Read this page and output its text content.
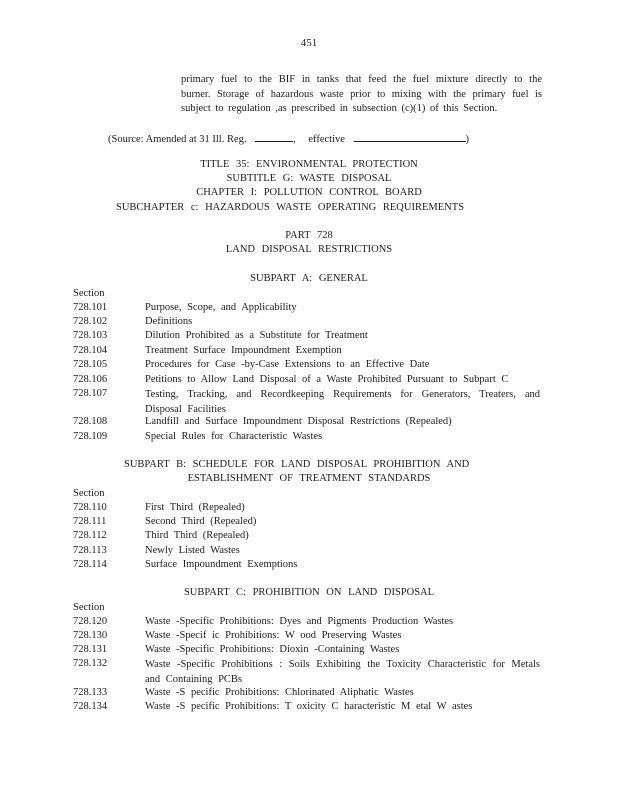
451
primary fuel to the BIF in tanks that feed the fuel mixture directly to the burner. Storage of hazardous waste prior to mixing with the primary fuel is subject to regulation ,as prescribed in subsection (c)(1) of this Section.
(Source: Amended at 31 Ill. Reg.	, effective	)
TITLE 35: ENVIRONMENTAL PROTECTION
SUBTITLE G: WASTE DISPOSAL
CHAPTER I: POLLUTION CONTROL BOARD
SUBCHAPTER c: HAZARDOUS WASTE OPERATING REQUIREMENTS
PART 728
LAND DISPOSAL RESTRICTIONS
SUBPART A: GENERAL
Section
728.101	Purpose, Scope, and Applicability
728.102	Definitions
728.103	Dilution Prohibited as a Substitute for Treatment
728.104	Treatment Surface Impoundment Exemption
728.105	Procedures for Case -by-Case Extensions to an Effective Date
728.106	Petitions to Allow Land Disposal of a Waste Prohibited Pursuant to Subpart C
728.107	Testing, Tracking, and Recordkeeping Requirements for Generators, Treaters, and Disposal Facilities
728.108	Landfill and Surface Impoundment Disposal Restrictions (Repealed)
728.109	Special Rules for Characteristic Wastes
SUBPART B: SCHEDULE FOR LAND DISPOSAL PROHIBITION AND
ESTABLISHMENT OF TREATMENT STANDARDS
Section
728.110	First Third (Repealed)
728.111	Second Third (Repealed)
728.112	Third Third (Repealed)
728.113	Newly Listed Wastes
728.114	Surface Impoundment Exemptions
SUBPART C: PROHIBITION ON LAND DISPOSAL
Section
728.120	Waste -Specific Prohibitions: Dyes and Pigments Production Wastes
728.130	Waste -Specif ic Prohibitions: W ood Preserving Wastes
728.131	Waste -Specific Prohibitions: Dioxin -Containing Wastes
728.132	Waste -Specific Prohibitions : Soils Exhibiting the Toxicity Characteristic for Metals and Containing PCBs
728.133	Waste -S pecific Prohibitions: Chlorinated Aliphatic Wastes
728.134	Waste -S pecific Prohibitions: T oxicity C haracteristic M etal W astes
